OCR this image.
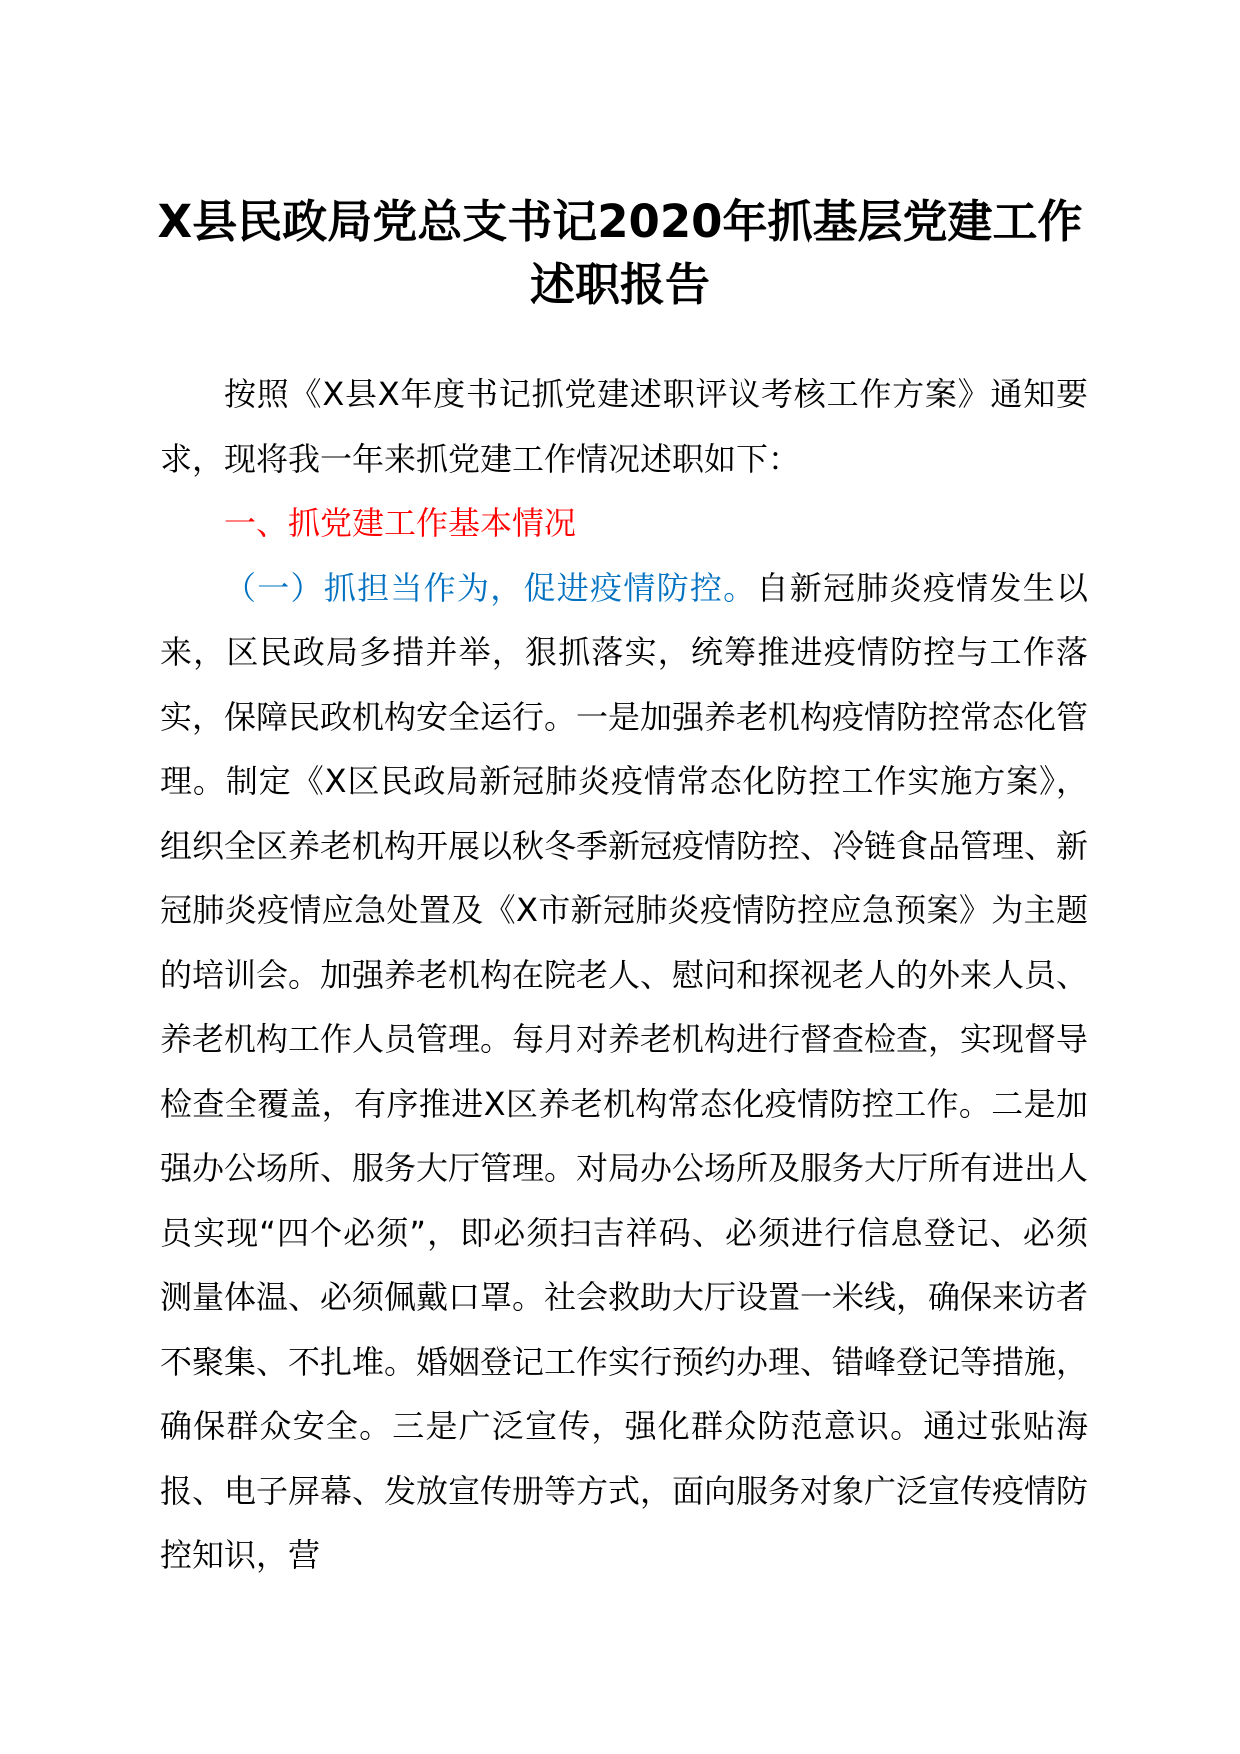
X县民政局党总支书记2020年抓基层党建工作述职报告

按照《X县X年度书记抓党建述职评议考核工作方案》通知要求，现将我一年来抓党建工作情况述职如下：

一、抓党建工作基本情况

（一）抓担当作为，促进疫情防控。自新冠肺炎疫情发生以来，区民政局多措并举，狠抓落实，统筹推进疫情防控与工作落实，保障民政机构安全运行。一是加强养老机构疫情防控常态化管理。制定《X区民政局新冠肺炎疫情常态化防控工作实施方案》，组织全区养老机构开展以秋冬季新冠疫情防控、冷链食品管理、新冠肺炎疫情应急处置及《X市新冠肺炎疫情防控应急预案》为主题的培训会。加强养老机构在院老人、慰问和探视老人的外来人员、养老机构工作人员管理。每月对养老机构进行督查检查，实现督导检查全覆盖，有序推进X区养老机构常态化疫情防控工作。二是加强办公场所、服务大厅管理。对局办公场所及服务大厅所有进出人员实现“四个必须”，即必须扫吉祥码、必须进行信息登记、必须测量体温、必须佩戴口罩。社会救助大厅设置一米线，确保来访者不聚集、不扎堆。婚姻登记工作实行预约办理、错峰登记等措施，确保群众安全。三是广泛宣传，强化群众防范意识。通过张贴海报、电子屏幕、发放宣传册等方式，面向服务对象广泛宣传疫情防控知识，营
